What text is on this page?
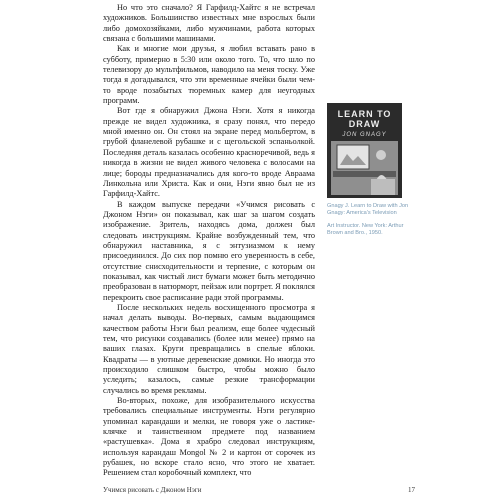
Но что это сначало? Я Гарфилд-Хайтс я не встречал художников. Большинство известных мне взрослых были либо домохозяйками, либо мужчинами, работа которых связана с большими машинами.

Как и многие мои друзья, я любил вставать рано в субботу, примерно в 5:30 или около того. То, что шло по телевизору до мультфильмов, наводило на меня тоску. Уже тогда я догадывался, что эти временные ячейки были чем-то вроде позабытых тюремных камер для неугодных программ.

Вот где я обнаружил Джона Нэги. Хотя я никогда прежде не видел художника, я сразу понял, что передо мной именно он. Он стоял на экране перед мольбертом, в грубой фланелевой рубашке и с щегольской эспаньолкой. Последняя деталь казалась особенно красноречивой, ведь я никогда в жизни не видел живого человека с волосами на лице; бороды предназначались для кого-то вроде Авраама Линкольна или Христа. Как и они, Нэги явно был не из Гарфилд-Хайтс.

В каждом выпуске передачи «Учимся рисовать с Джоном Нэги» он показывал, как шаг за шагом создать изображение. Зритель, находясь дома, должен был следовать инструкциям. Крайне возбужденный тем, что обнаружил наставника, я с энтузиазмом к нему присоединился. До сих пор помню его уверенность в себе, отсутствие снисходительности и терпение, с которым он показывал, как чистый лист бумаги может быть методично преобразован в натюрморт, пейзаж или портрет. Я поклялся перекроить свое расписание ради этой программы.

После нескольких недель восхищенного просмотра я начал делать выводы. Во-первых, самым выдающимся качеством работы Нэги был реализм, еще более чудесный тем, что рисунки создавались (более или менее) прямо на ваших глазах. Круги превращались в спелые яблоки. Квадраты — в уютные деревенские домики. Но иногда это происходило слишком быстро, чтобы можно было уследить; казалось, самые резкие трансформации случались во время рекламы.

Во-вторых, похоже, для изобразительного искусства требовались специальные инструменты. Нэги регулярно упоминал карандаши и мелки, не говоря уже о ластике-клячке и таинственном предмете под названием «растушевка». Дома я храбро следовал инструкциям, используя карандаш Mongol № 2 и картон от сорочек из рубашек, но вскоре стало ясно, что этого не хватает. Решением стал коробочный комплект, что

LEARN TO
DRAW
JON GNAGY

Gnagy J. Learn to Draw with Jon Gnagy: America's Television

Art Instructor. New York: Arthur Brown and Bro., 1950.

Учимся рисовать с Джоном Нэги	17
